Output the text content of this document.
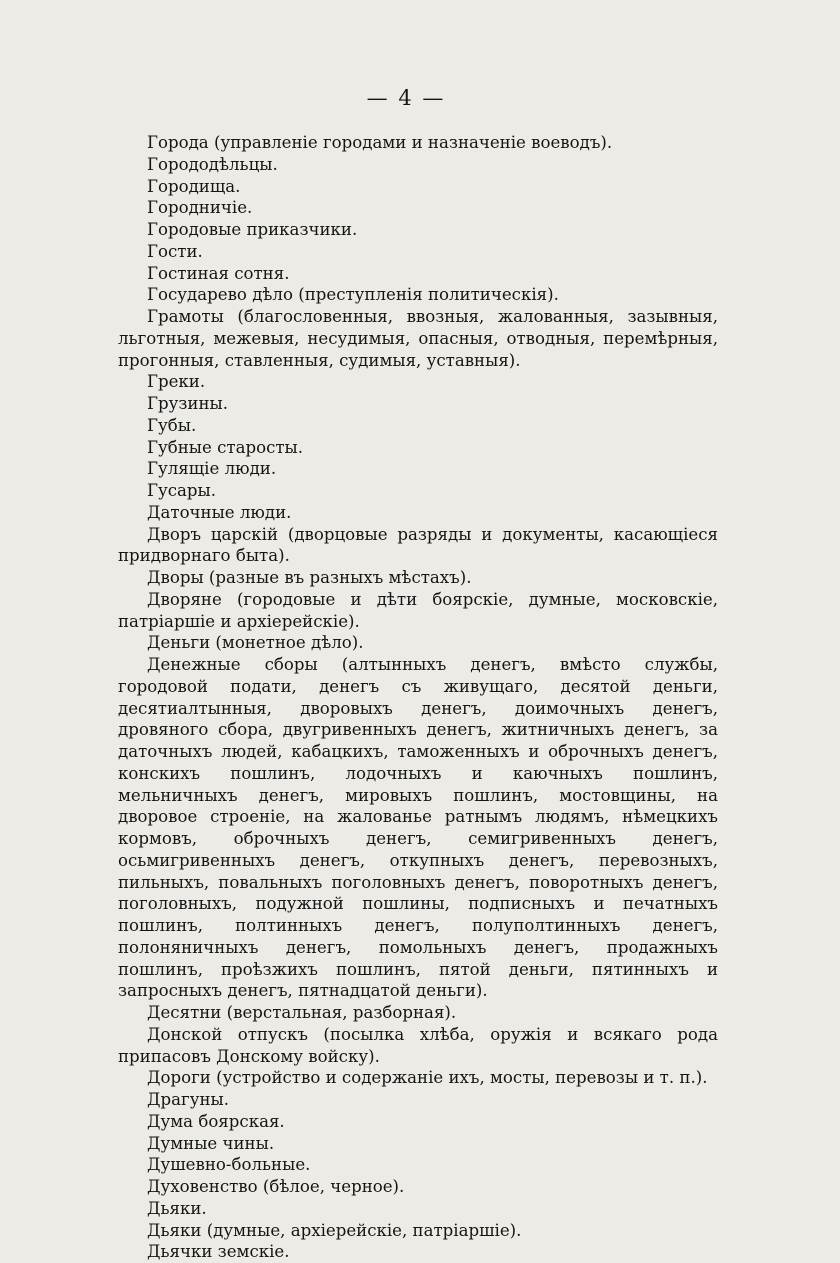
— 4 —

Города (управленіе городами и назначеніе воеводъ).

Горододѣльцы.

Городища.

Городничіе.

Городовые приказчики.

Гости.

Гостиная сотня.

Государево дѣло (преступленія политическія).

Грамоты (благословенныя, ввозныя, жалованныя, зазывныя, льготныя, межевыя, несудимыя, опасныя, отводныя, перемѣрныя, прогонныя, ставленныя, судимыя, уставныя).

Греки.

Грузины.

Губы.

Губные старосты.

Гулящіе люди.

Гусары.

Даточные люди.

Дворъ царскій (дворцовые разряды и документы, касающіеся придворнаго быта).

Дворы (разные въ разныхъ мѣстахъ).

Дворяне (городовые и дѣти боярскіе, думные, московскіе, патріаршіе и архіерейскіе).

Деньги (монетное дѣло).

Денежные сборы (алтынныхъ денегъ, вмѣсто службы, городовой подати, денегъ съ живущаго, десятой деньги, десятиалтынныя, дворовыхъ денегъ, доимочныхъ денегъ, дровяного сбора, двугривенныхъ денегъ, житничныхъ денегъ, за даточныхъ людей, кабацкихъ, таможенныхъ и оброчныхъ денегъ, конскихъ пошлинъ, лодочныхъ и каючныхъ пошлинъ, мельничныхъ денегъ, мировыхъ пошлинъ, мостовщины, на дворовое строеніе, на жалованье ратнымъ людямъ, нѣмецкихъ кормовъ, оброчныхъ денегъ, семигривенныхъ денегъ, осьмигривенныхъ денегъ, откупныхъ денегъ, перевозныхъ, пильныхъ, повальныхъ поголовныхъ денегъ, поворотныхъ денегъ, поголовныхъ, подужной пошлины, подписныхъ и печатныхъ пошлинъ, полтинныхъ денегъ, полуполтинныхъ денегъ, полоняничныхъ денегъ, помольныхъ денегъ, продажныхъ пошлинъ, проѣзжихъ пошлинъ, пятой деньги, пятинныхъ и запросныхъ денегъ, пятнадцатой деньги).

Десятни (верстальная, разборная).

Донской отпускъ (посылка хлѣба, оружія и всякаго рода припасовъ Донскому войску).

Дороги (устройство и содержаніе ихъ, мосты, перевозы и т. п.).

Драгуны.

Дума боярская.

Думные чины.

Душевно-больные.

Духовенство (бѣлое, черное).

Дьяки.

Дьяки (думные, архіерейскіе, патріаршіе).

Дьячки земскіе.
